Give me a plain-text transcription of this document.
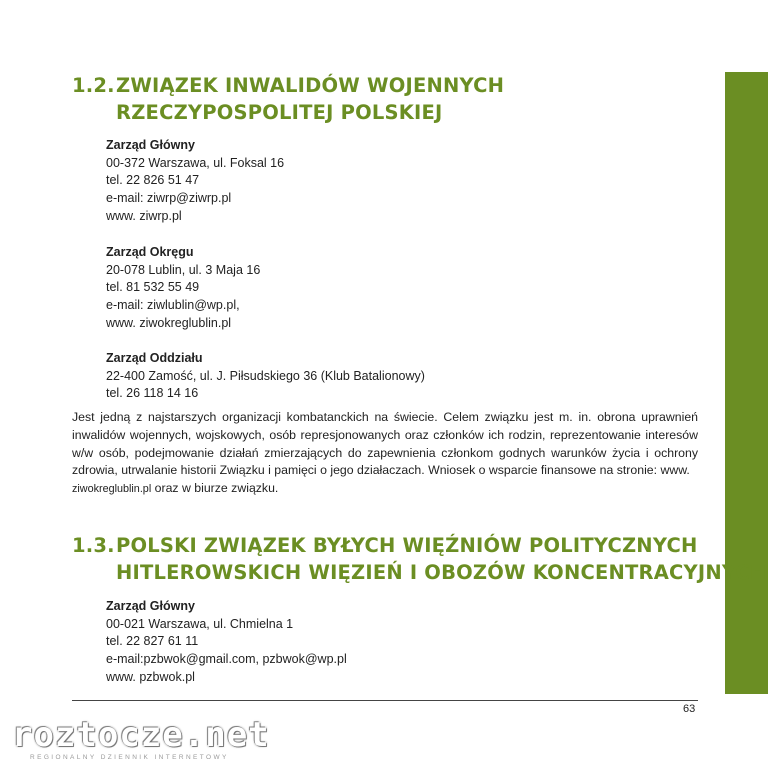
1.2.ZWIĄZEK INWALIDÓW WOJENNYCH
RZECZYPOSPOLITEJ POLSKIEJ
Zarząd Główny
00-372 Warszawa, ul. Foksal 16
tel. 22 826 51 47
e-mail: ziwrp@ziwrp.pl
www. ziwrp.pl
Zarząd Okręgu
20-078 Lublin, ul. 3 Maja 16
tel. 81 532 55 49
e-mail: ziwlublin@wp.pl,
www. ziwokreglublin.pl
Zarząd Oddziału
22-400 Zamość, ul. J. Piłsudskiego 36 (Klub Batalionowy)
tel. 26 118 14 16

Jest jedną z najstarszych organizacji kombatanckich na świecie. Celem związku jest m. in. obrona uprawnień inwalidów wojennych, wojskowych, osób represjonowanych oraz członków ich rodzin, reprezentowanie interesów w/w osób, podejmowanie działań zmierzających do zapewnienia członkom godnych warunków życia i ochrony zdrowia, utrwalanie historii Związku i pamięci o jego działaczach. Wniosek o wsparcie finansowe na stronie: www.
ziwokreglublin.pl oraz w biurze związku.

1.3.POLSKI ZWIĄZEK BYŁYCH WIĘŹNIÓW POLITYCZNYCH
HITLEROWSKICH WIĘZIEŃ I OBOZÓW KONCENTRACYJNYCH
Zarząd Główny
00-021 Warszawa, ul. Chmielna 1
tel. 22 827 61 11
e-mail:pzbwok@gmail.com, pzbwok@wp.pl
www. pzbwok.pl
63
roztocze.net
REGIONALNY DZIENNIK INTERNETOWY
